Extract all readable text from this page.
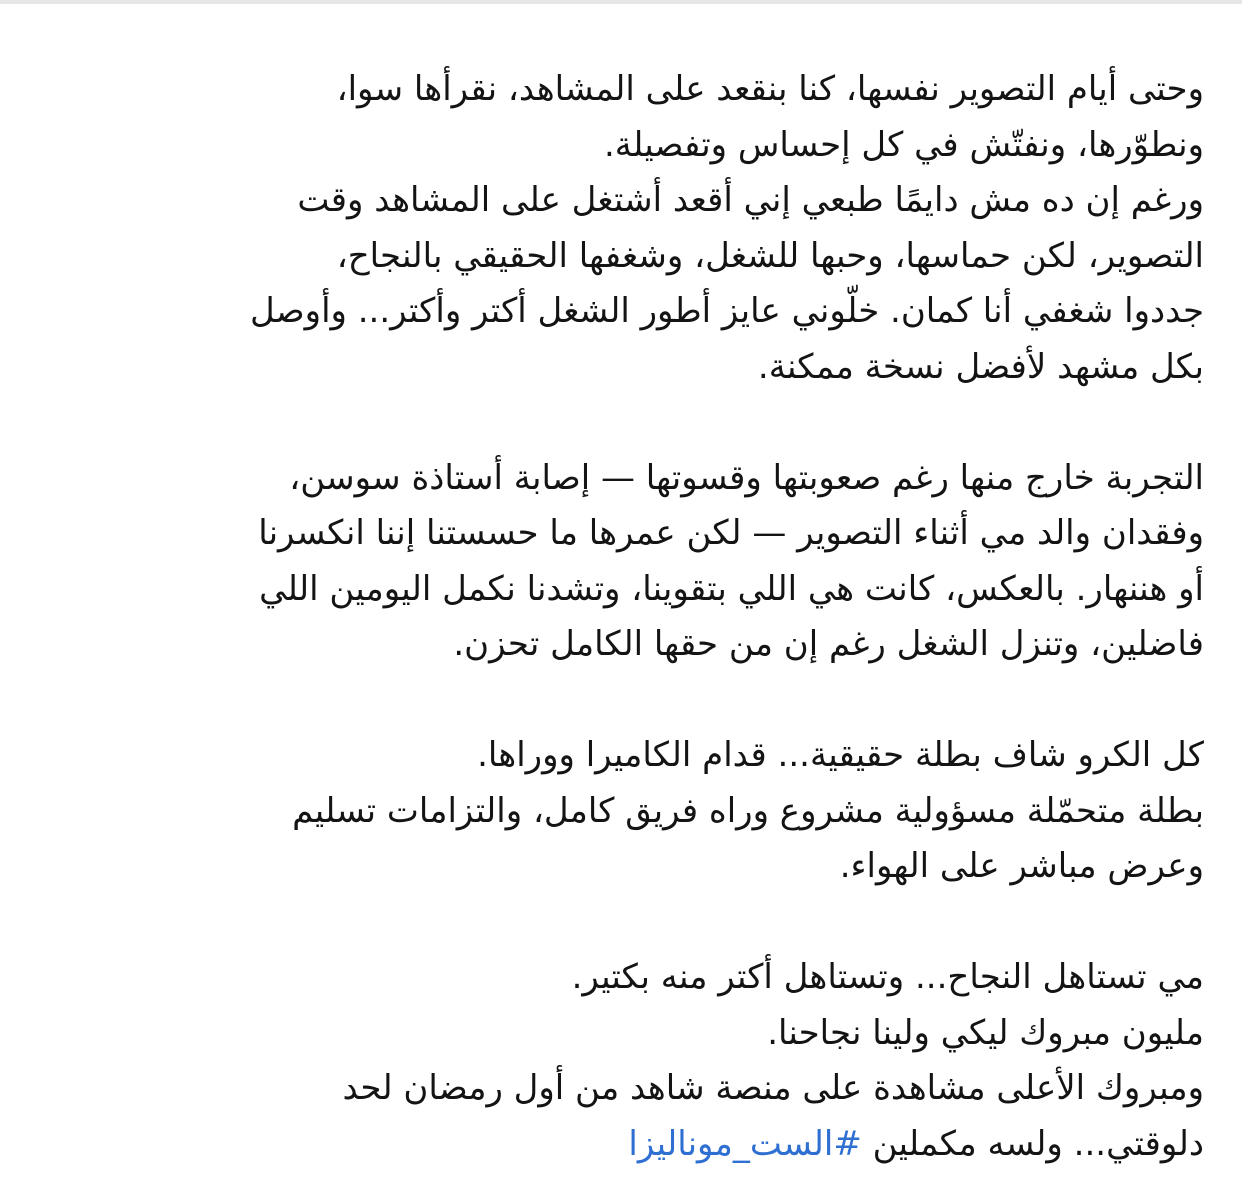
وحتى أيام التصوير نفسها، كنا بنقعد على المشاهد، نقرأها سوا،
ونطوّرها، ونفتّش في كل إحساس وتفصيلة.
ورغم إن ده مش دايمًا طبعي إني أقعد أشتغل على المشاهد وقت
التصوير، لكن حماسها، وحبها للشغل، وشغفها الحقيقي بالنجاح،
جددوا شغفي أنا كمان. خلّوني عايز أطور الشغل أكتر وأكتر... وأوصل
بكل مشهد لأفضل نسخة ممكنة.
التجربة خارج منها رغم صعوبتها وقسوتها — إصابة أستاذة سوسن،
وفقدان والد مي أثناء التصوير — لكن عمرها ما حسستنا إننا انكسرنا
أو هننهار. بالعكس، كانت هي اللي بتقوينا، وتشدنا نكمل اليومين اللي
فاضلين، وتنزل الشغل رغم إن من حقها الكامل تحزن.
كل الكرو شاف بطلة حقيقية... قدام الكاميرا ووراها.
بطلة متحمّلة مسؤولية مشروع وراه فريق كامل، والتزامات تسليم
وعرض مباشر على الهواء.
مي تستاهل النجاح... وتستاهل أكتر منه بكتير.
مليون مبروك ليكي ولينا نجاحنا.
ومبروك الأعلى مشاهدة على منصة شاهد من أول رمضان لحد
دلوقتي... ولسه مكملين #الست_موناليزا
